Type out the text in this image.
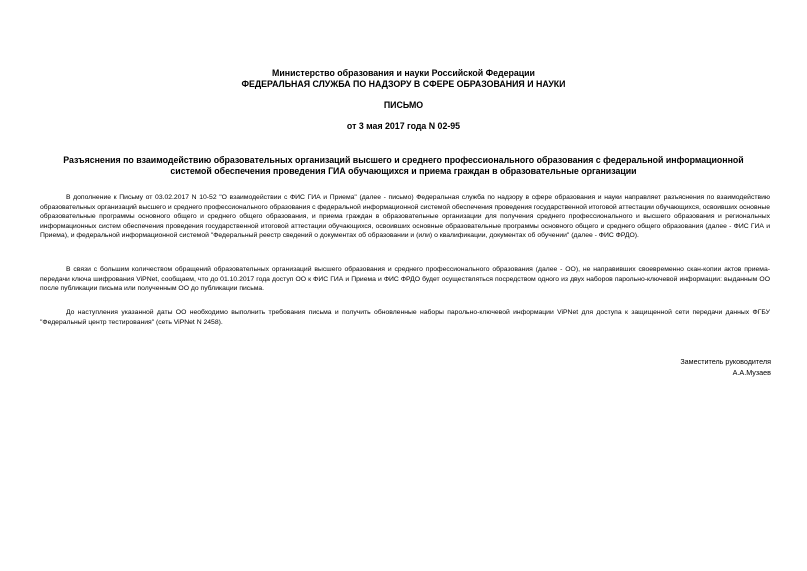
Министерство образования и науки Российской Федерации
ФЕДЕРАЛЬНАЯ СЛУЖБА ПО НАДЗОРУ В СФЕРЕ ОБРАЗОВАНИЯ И НАУКИ
ПИСЬМО
от 3 мая 2017 года N 02-95
Разъяснения по взаимодействию образовательных организаций высшего и среднего профессионального образования с федеральной информационной
системой обеспечения проведения ГИА обучающихся и приема граждан в образовательные организации

В дополнение к Письму от 03.02.2017 N 10-52 "О взаимодействии с ФИС ГИА и Приема" (далее - письмо) Федеральная служба по надзору в сфере образования и науки направляет разъяснения по взаимодействию образовательных организаций высшего и среднего профессионального образования с федеральной информационной системой обеспечения проведения государственной итоговой аттестации обучающихся, освоивших основные образовательные программы основного общего и среднего общего образования, и приема граждан в образовательные организации для получения среднего профессионального и высшего образования и региональных информационных систем обеспечения проведения государственной итоговой аттестации обучающихся, освоивших основные образовательные программы основного общего и среднего общего образования (далее - ФИС ГИА и Приема), и федеральной информационной системой "Федеральный реестр сведений о документах об образовании и (или) о квалификации, документах об обучении" (далее - ФИС ФРДО).

В связи с большим количеством обращений образовательных организаций высшего образования и среднего профессионального образования (далее - ОО), не направивших своевременно скан-копии актов приема-передачи ключа шифрования ViPNet, сообщаем, что до 01.10.2017 года доступ ОО к ФИС ГИА и Приема и ФИС ФРДО будет осуществляться посредством одного из двух наборов парольно-ключевой информации: выданным ОО после публикации письма или полученным ОО до публикации письма.

До наступления указанной даты ОО необходимо выполнить требования письма и получить обновленные наборы парольно-ключевой информации ViPNet для доступа к защищенной сети передачи данных ФГБУ "Федеральный центр тестирования" (сеть ViPNet N 2458).

Заместитель руководителя
А.А.Музаев
